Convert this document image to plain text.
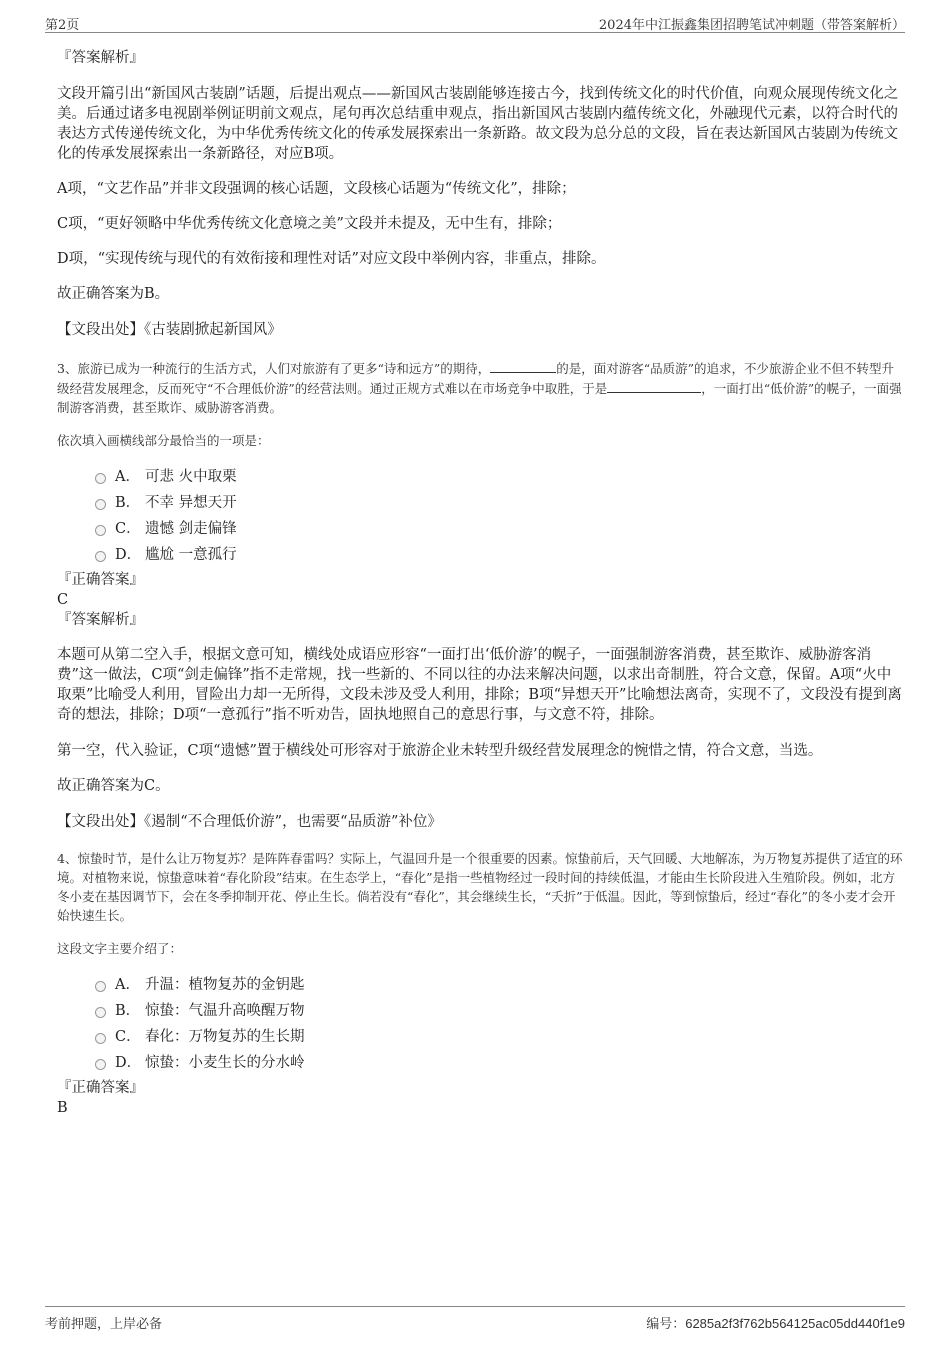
第2页	2024年中江振鑫集团招聘笔试冲刺题（带答案解析）

『答案解析』

文段开篇引出“新国风古装剧”话题，后提出观点——新国风古装剧能够连接古今，找到传统文化的时代价值，向观众展现传统文化之美。后通过诸多电视剧举例证明前文观点，尾句再次总结重申观点，指出新国风古装剧内蕴传统文化，外融现代元素，以符合时代的表达方式传递传统文化，为中华优秀传统文化的传承发展探索出一条新路。故文段为总分总的文段，旨在表达新国风古装剧为传统文化的传承发展探索出一条新路径，对应B项。

A项，“文艺作品”并非文段强调的核心话题，文段核心话题为“传统文化”，排除；

C项，“更好领略中华优秀传统文化意境之美”文段并未提及，无中生有，排除；

D项，“实现传统与现代的有效衔接和理性对话”对应文段中举例内容，非重点，排除。

故正确答案为B。

【文段出处】《古装剧掀起新国风》

3、旅游已成为一种流行的生活方式，人们对旅游有了更多“诗和远方”的期待，	的是，面对游客“品质游”的追求，不少旅游企业不但不转型升级经营发展理念，反而死守“不合理低价游”的经营法则。通过正规方式难以在市场竞争中取胜，于是	，一面打出“低价游”的幌子，一面强制游客消费，甚至欺诈、威胁游客消费。

依次填入画横线部分最恰当的一项是：

A． 可悲 火中取栗
B． 不幸 异想天开
C． 遗憾 剑走偏锋
D． 尴尬 一意孤行

『正确答案』

C

『答案解析』

本题可从第二空入手，根据文意可知，横线处成语应形容“一面打出‘低价游’的幌子，一面强制游客消费，甚至欺诈、威胁游客消费”这一做法，C项“剑走偏锋”指不走常规，找一些新的、不同以往的办法来解决问题，以求出奇制胜，符合文意，保留。A项“火中取栗”比喻受人利用，冒险出力却一无所得，文段未涉及受人利用，排除；B项“异想天开”比喻想法离奇，实现不了，文段没有提到离奇的想法，排除；D项“一意孤行”指不听劝告，固执地照自己的意思行事，与文意不符，排除。

第一空，代入验证，C项“遗憾”置于横线处可形容对于旅游企业未转型升级经营发展理念的惋惜之情，符合文意，当选。

故正确答案为C。

【文段出处】《遏制“不合理低价游”，也需要“品质游”补位》

4、惊蛰时节，是什么让万物复苏？是阵阵春雷吗？实际上，气温回升是一个很重要的因素。惊蛰前后，天气回暖、大地解冻，为万物复苏提供了适宜的环境。对植物来说，惊蛰意味着“春化阶段”结束。在生态学上，“春化”是指一些植物经过一段时间的持续低温，才能由生长阶段进入生殖阶段。例如，北方冬小麦在基因调节下，会在冬季抑制开花、停止生长。倘若没有“春化”，其会继续生长，“夭折”于低温。因此，等到惊蛰后，经过“春化”的冬小麦才会开始快速生长。

这段文字主要介绍了：

A． 升温：植物复苏的金钥匙
B． 惊蛰：气温升高唤醒万物
C． 春化：万物复苏的生长期
D． 惊蛰：小麦生长的分水岭

『正确答案』

B

考前押题，上岸必备	编号：6285a2f3f762b564125ac05dd440f1e9
